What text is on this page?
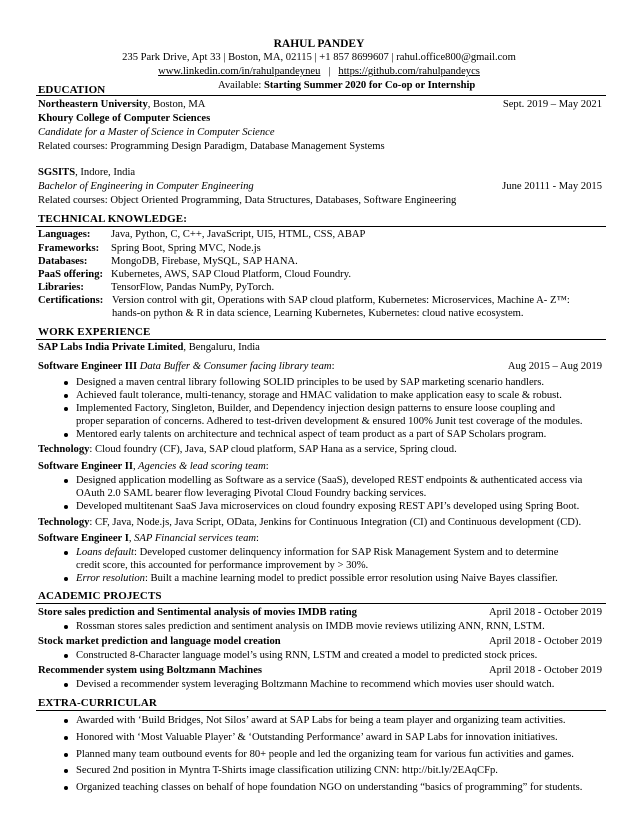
RAHUL PANDEY
235 Park Drive, Apt 33 | Boston, MA, 02115 | +1 857 8699607 | rahul.office800@gmail.com
www.linkedin.com/in/rahulpandeyneu | https://github.com/rahulpandeycs
EDUCATION	Available: Starting Summer 2020 for Co-op or Internship
Northeastern University, Boston, MA	Sept. 2019 – May 2021
Khoury College of Computer Sciences
Candidate for a Master of Science in Computer Science
Related courses: Programming Design Paradigm, Database Management Systems
SGSITS, Indore, India
Bachelor of Engineering in Computer Engineering	June 20111 - May 2015
Related courses: Object Oriented Programming, Data Structures, Databases, Software Engineering
TECHNICAL KNOWLEDGE:
Languages: Java, Python, C, C++, JavaScript, UI5, HTML, CSS, ABAP
Frameworks: Spring Boot, Spring MVC, Node.js
Databases: MongoDB, Firebase, MySQL, SAP HANA.
PaaS offering: Kubernetes, AWS, SAP Cloud Platform, Cloud Foundry.
Libraries:	TensorFlow, Pandas NumPy, PyTorch.
Certifications: Version control with git, Operations with SAP cloud platform, Kubernetes: Microservices, Machine A- Z™:
hands-on python & R in data science, Learning Kubernetes, Kubernetes: cloud native ecosystem.
WORK EXPERIENCE
SAP Labs India Private Limited, Bengaluru, India
Software Engineer III Data Buffer & Consumer facing library team:	Aug 2015 – Aug 2019
Designed a maven central library following SOLID principles to be used by SAP marketing scenario handlers.
Achieved fault tolerance, multi-tenancy, storage and HMAC validation to make application easy to scale & robust.
Implemented Factory, Singleton, Builder, and Dependency injection design patterns to ensure loose coupling and
proper separation of concerns. Adhered to test-driven development & ensured 100% Junit test coverage of the modules.
Mentored early talents on architecture and technical aspect of team product as a part of SAP Scholars program.
Technology: Cloud foundry (CF), Java, SAP cloud platform, SAP Hana as a service, Spring cloud.
Software Engineer II, Agencies & lead scoring team:
Designed application modelling as Software as a service (SaaS), developed REST endpoints & authenticated access via
OAuth 2.0 SAML bearer flow leveraging Pivotal Cloud Foundry backing services.
Developed multitenant SaaS Java microservices on cloud foundry exposing REST API’s developed using Spring Boot.
Technology: CF, Java, Node.js, Java Script, OData, Jenkins for Continuous Integration (CI) and Continuous development (CD).
Software Engineer I, SAP Financial services team:
Loans default: Developed customer delinquency information for SAP Risk Management System and to determine
credit score, this accounted for performance improvement by > 30%.
Error resolution: Built a machine learning model to predict possible error resolution using Naive Bayes classifier.
ACADEMIC PROJECTS
Store sales prediction and Sentimental analysis of movies IMDB rating	April 2018 - October 2019
Rossman stores sales prediction and sentiment analysis on IMDB movie reviews utilizing ANN, RNN, LSTM.
Stock market prediction and language model creation	April 2018 - October 2019
Constructed 8-Character language model’s using RNN, LSTM and created a model to predicted stock prices.
Recommender system using Boltzmann Machines	April 2018 - October 2019
Devised a recommender system leveraging Boltzmann Machine to recommend which movies user should watch.
EXTRA-CURRICULAR
Awarded with ‘Build Bridges, Not Silos’ award at SAP Labs for being a team player and organizing team activities.
Honored with ‘Most Valuable Player’ & ‘Outstanding Performance’ award in SAP Labs for innovation initiatives.
Planned many team outbound events for 80+ people and led the organizing team for various fun activities and games.
Secured 2nd position in Myntra T-Shirts image classification utilizing CNN: http://bit.ly/2EAqCFp.
Organized teaching classes on behalf of hope foundation NGO on understanding “basics of programming” for students.
